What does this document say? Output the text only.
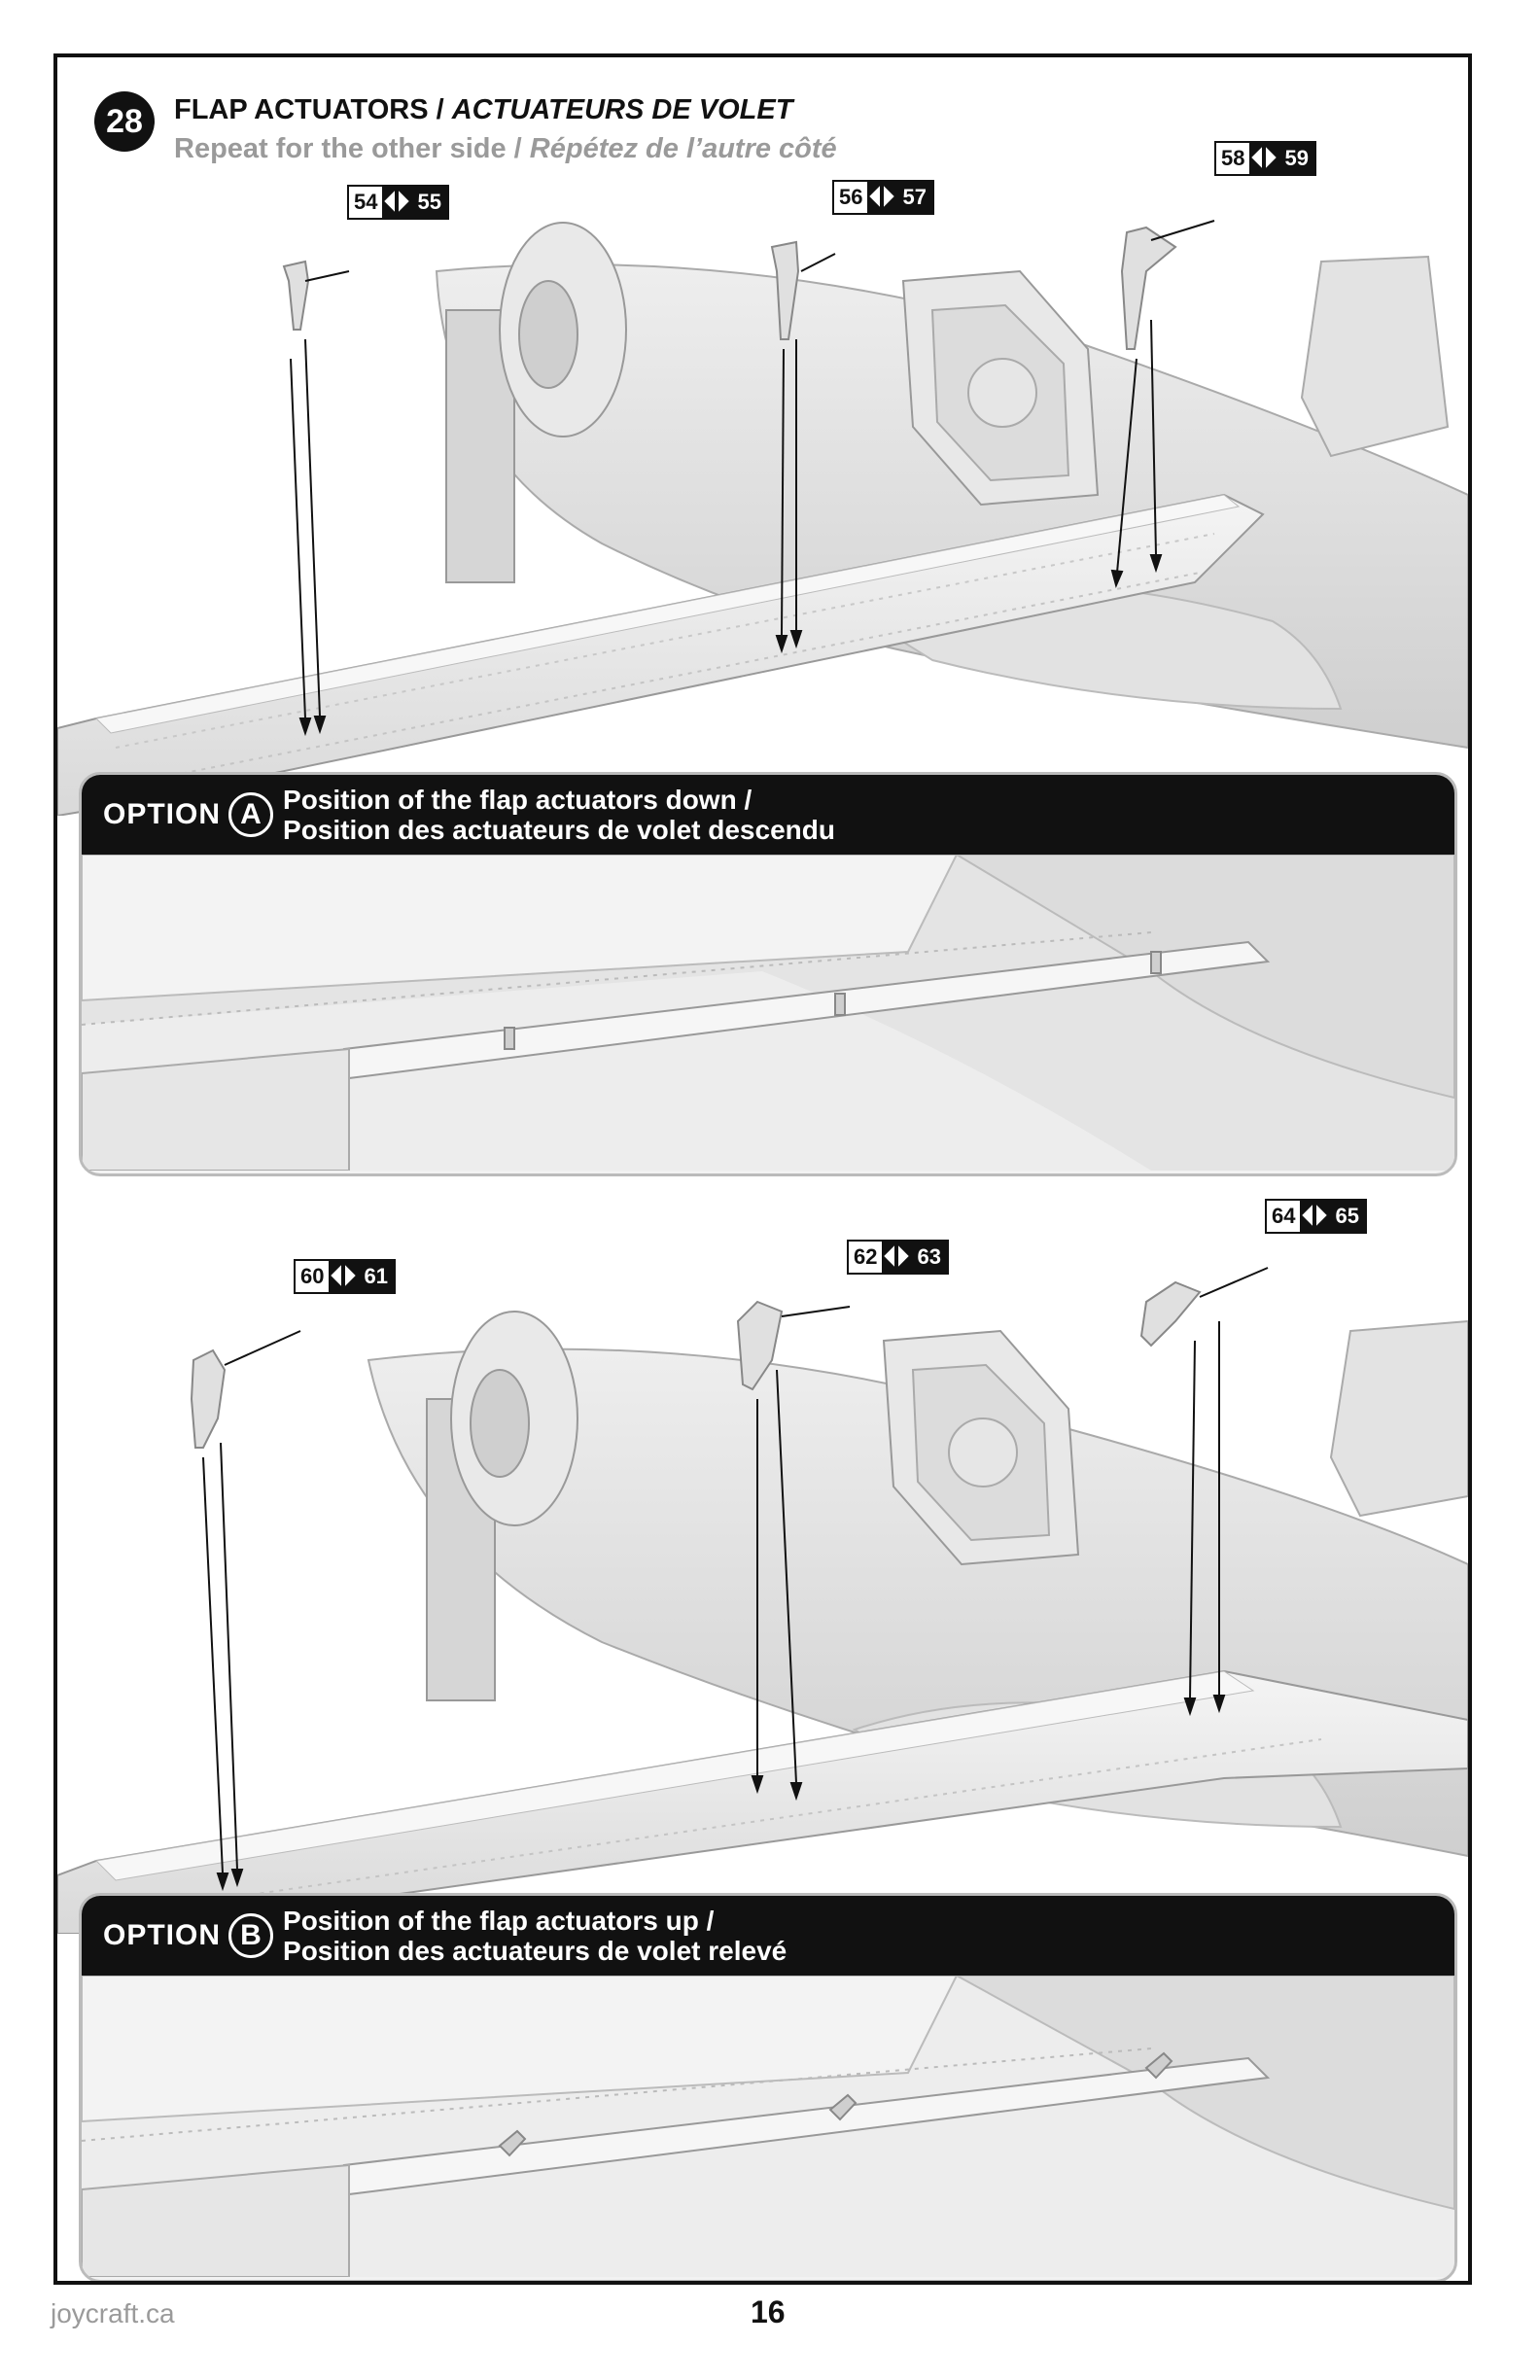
28	FLAP ACTUATORS / ACTUATEURS DE VOLET
Repeat for the other side / Répétez de l’autre côté
54 55	56 57
58 59
OPTION A Position of the flap actuators down /
Position des actuateurs de volet descendu
60 61
62 63
64 65
OPTION B Position of the flap actuators up /
Position des actuateurs de volet relevé
joycraft.ca	16
